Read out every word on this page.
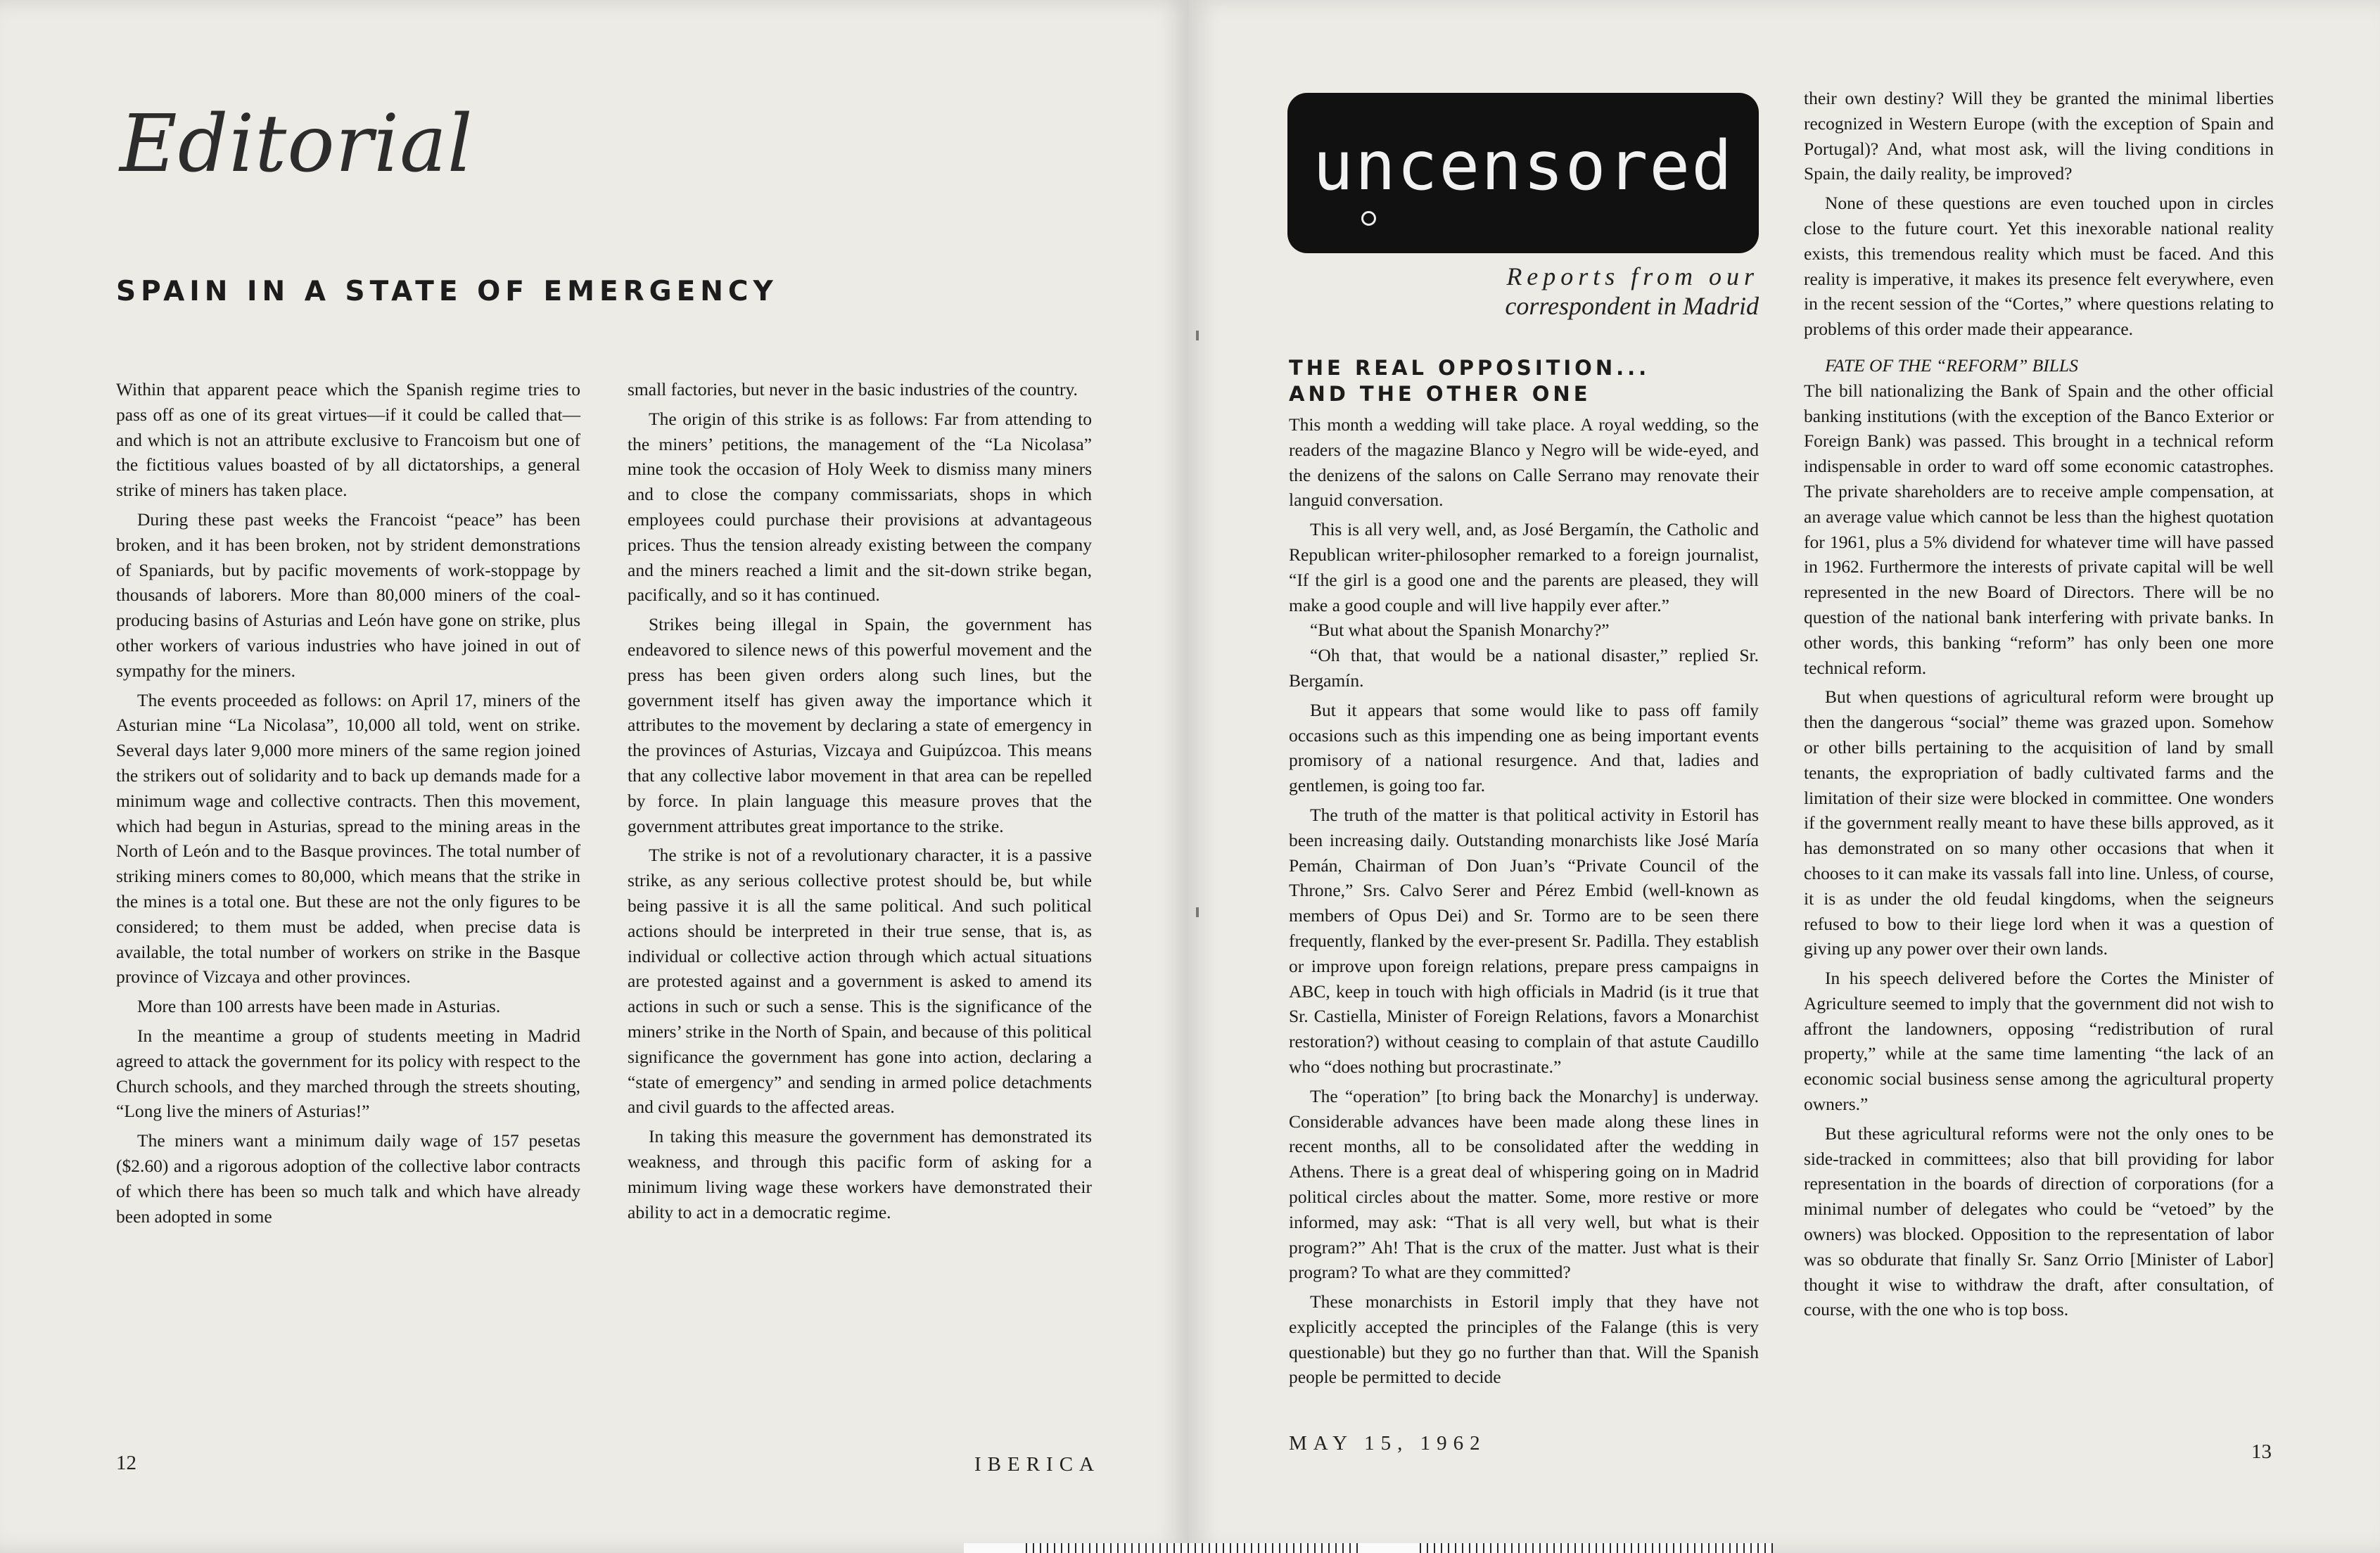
Editorial
SPAIN IN A STATE OF EMERGENCY

Within that apparent peace which the Spanish regime tries to pass off as one of its great virtues—if it could be called that—and which is not an attribute exclusive to Francoism but one of the fictitious values boasted of by all dictatorships, a general strike of miners has taken place.

During these past weeks the Francoist “peace” has been broken, and it has been broken, not by strident demonstrations of Spaniards, but by pacific movements of work-stoppage by thousands of laborers. More than 80,000 miners of the coal-producing basins of Asturias and León have gone on strike, plus other workers of various industries who have joined in out of sympathy for the miners.

The events proceeded as follows: on April 17, miners of the Asturian mine “La Nicolasa”, 10,000 all told, went on strike. Several days later 9,000 more miners of the same region joined the strikers out of solidarity and to back up demands made for a minimum wage and collective contracts. Then this movement, which had begun in Asturias, spread to the mining areas in the North of León and to the Basque provinces. The total number of striking miners comes to 80,000, which means that the strike in the mines is a total one. But these are not the only figures to be considered; to them must be added, when precise data is available, the total number of workers on strike in the Basque province of Vizcaya and other provinces.

More than 100 arrests have been made in Asturias.

In the meantime a group of students meeting in Madrid agreed to attack the government for its policy with respect to the Church schools, and they marched through the streets shouting, “Long live the miners of Asturias!”

The miners want a minimum daily wage of 157 pesetas ($2.60) and a rigorous adoption of the collective labor contracts of which there has been so much talk and which have already been adopted in some

small factories, but never in the basic industries of the country.

The origin of this strike is as follows: Far from attending to the miners’ petitions, the management of the “La Nicolasa” mine took the occasion of Holy Week to dismiss many miners and to close the company commissariats, shops in which employees could purchase their provisions at advantageous prices. Thus the tension already existing between the company and the miners reached a limit and the sit-down strike began, pacifically, and so it has continued.

Strikes being illegal in Spain, the government has endeavored to silence news of this powerful movement and the press has been given orders along such lines, but the government itself has given away the importance which it attributes to the movement by declaring a state of emergency in the provinces of Asturias, Vizcaya and Guipúzcoa. This means that any collective labor movement in that area can be repelled by force. In plain language this measure proves that the government attributes great importance to the strike.

The strike is not of a revolutionary character, it is a passive strike, as any serious collective protest should be, but while being passive it is all the same political. And such political actions should be interpreted in their true sense, that is, as individual or collective action through which actual situations are protested against and a government is asked to amend its actions in such or such a sense. This is the significance of the miners’ strike in the North of Spain, and because of this political significance the government has gone into action, declaring a “state of emergency” and sending in armed police detachments and civil guards to the affected areas.

In taking this measure the government has demonstrated its weakness, and through this pacific form of asking for a minimum living wage these workers have demonstrated their ability to act in a democratic regime.

12	IBERICA
uncensored
Reports from our
correspondent in Madrid
THE REAL OPPOSITION...
AND THE OTHER ONE

This month a wedding will take place. A royal wedding, so the readers of the magazine Blanco y Negro will be wide-eyed, and the denizens of the salons on Calle Serrano may renovate their languid conversation.

This is all very well, and, as José Bergamín, the Catholic and Republican writer-philosopher remarked to a foreign journalist, “If the girl is a good one and the parents are pleased, they will make a good couple and will live happily ever after.”

“But what about the Spanish Monarchy?”

“Oh that, that would be a national disaster,” replied Sr. Bergamín.

But it appears that some would like to pass off family occasions such as this impending one as being important events promisory of a national resurgence. And that, ladies and gentlemen, is going too far.

The truth of the matter is that political activity in Estoril has been increasing daily. Outstanding monarchists like José María Pemán, Chairman of Don Juan’s “Private Council of the Throne,” Srs. Calvo Serer and Pérez Embid (well-known as members of Opus Dei) and Sr. Tormo are to be seen there frequently, flanked by the ever-present Sr. Padilla. They establish or improve upon foreign relations, prepare press campaigns in ABC, keep in touch with high officials in Madrid (is it true that Sr. Castiella, Minister of Foreign Relations, favors a Monarchist restoration?) without ceasing to complain of that astute Caudillo who “does nothing but procrastinate.”

The “operation” [to bring back the Monarchy] is underway. Considerable advances have been made along these lines in recent months, all to be consolidated after the wedding in Athens. There is a great deal of whispering going on in Madrid political circles about the matter. Some, more restive or more informed, may ask: “That is all very well, but what is their program?” Ah! That is the crux of the matter. Just what is their program? To what are they committed?

These monarchists in Estoril imply that they have not explicitly accepted the principles of the Falange (this is very questionable) but they go no further than that. Will the Spanish people be permitted to decide

their own destiny? Will they be granted the minimal liberties recognized in Western Europe (with the exception of Spain and Portugal)? And, what most ask, will the living conditions in Spain, the daily reality, be improved?

None of these questions are even touched upon in circles close to the future court. Yet this inexorable national reality exists, this tremendous reality which must be faced. And this reality is imperative, it makes its presence felt everywhere, even in the recent session of the “Cortes,” where questions relating to problems of this order made their appearance.

FATE OF THE “REFORM” BILLS

The bill nationalizing the Bank of Spain and the other official banking institutions (with the exception of the Banco Exterior or Foreign Bank) was passed. This brought in a technical reform indispensable in order to ward off some economic catastrophes. The private shareholders are to receive ample compensation, at an average value which cannot be less than the highest quotation for 1961, plus a 5% dividend for whatever time will have passed in 1962. Furthermore the interests of private capital will be well represented in the new Board of Directors. There will be no question of the national bank interfering with private banks. In other words, this banking “reform” has only been one more technical reform.

But when questions of agricultural reform were brought up then the dangerous “social” theme was grazed upon. Somehow or other bills pertaining to the acquisition of land by small tenants, the expropriation of badly cultivated farms and the limitation of their size were blocked in committee. One wonders if the government really meant to have these bills approved, as it has demonstrated on so many other occasions that when it chooses to it can make its vassals fall into line. Unless, of course, it is as under the old feudal kingdoms, when the seigneurs refused to bow to their liege lord when it was a question of giving up any power over their own lands.

In his speech delivered before the Cortes the Minister of Agriculture seemed to imply that the government did not wish to affront the landowners, opposing “redistribution of rural property,” while at the same time lamenting “the lack of an economic social business sense among the agricultural property owners.”

But these agricultural reforms were not the only ones to be side-tracked in committees; also that bill providing for labor representation in the boards of direction of corporations (for a minimal number of delegates who could be “vetoed” by the owners) was blocked. Opposition to the representation of labor was so obdurate that finally Sr. Sanz Orrio [Minister of Labor] thought it wise to withdraw the draft, after consultation, of course, with the one who is top boss.

MAY 15, 1962	13
